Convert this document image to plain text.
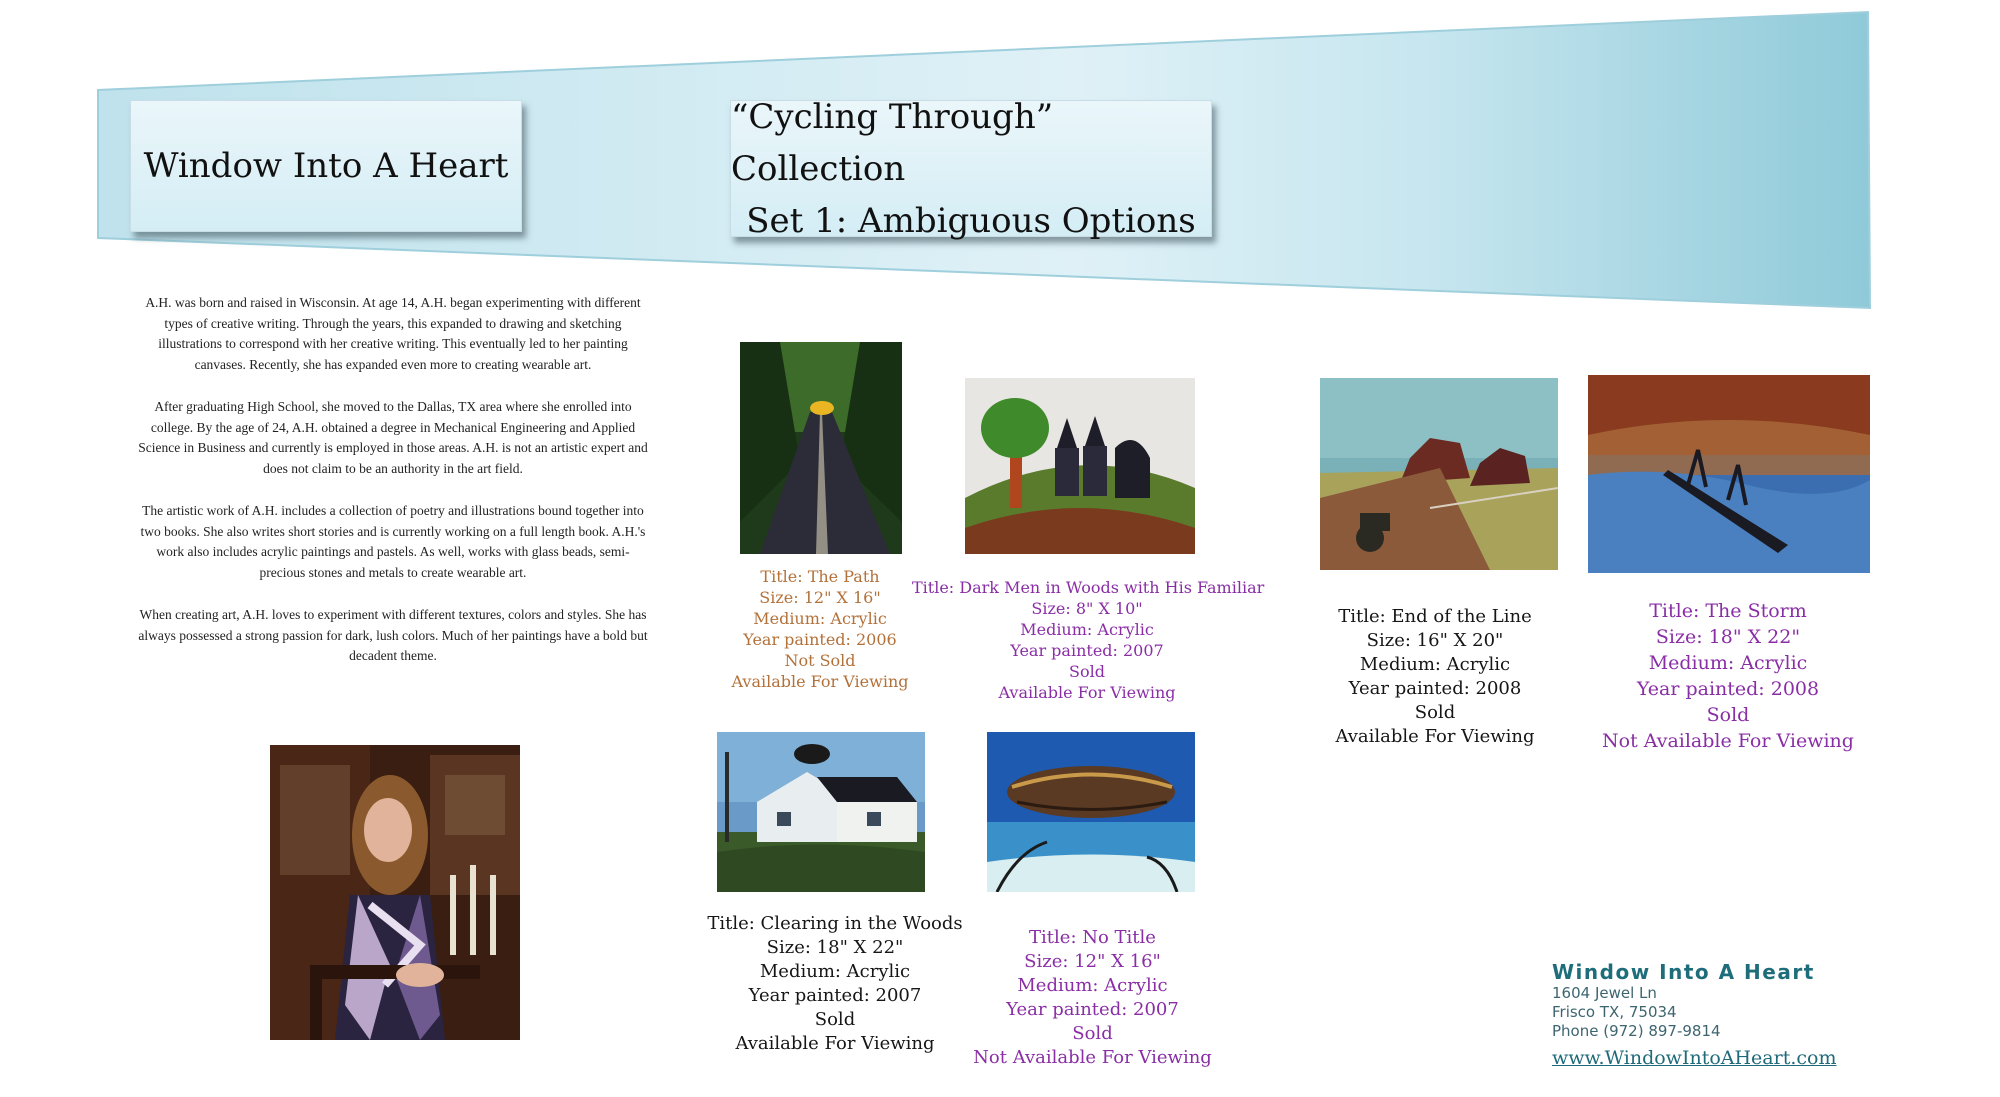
Window Into A Heart
“Cycling Through” Collection
Set 1: Ambiguous Options

A.H. was born and raised in Wisconsin. At age 14, A.H. began experimenting with different types of creative writing. Through the years, this expanded to drawing and sketching illustrations to correspond with her creative writing. This eventually led to her painting canvases. Recently, she has expanded even more to creating wearable art.

After graduating High School, she moved to the Dallas, TX area where she enrolled into college. By the age of 24, A.H. obtained a degree in Mechanical Engineering and Applied Science in Business and currently is employed in those areas. A.H. is not an artistic expert and does not claim to be an authority in the art field.

The artistic work of A.H. includes a collection of poetry and illustrations bound together into two books. She also writes short stories and is currently working on a full length book. A.H.'s work also includes acrylic paintings and pastels. As well, works with glass beads, semi-precious stones and metals to create wearable art.

When creating art, A.H. loves to experiment with different textures, colors and styles. She has always possessed a strong passion for dark, lush colors. Much of her paintings have a bold but decadent theme.

Title: The Path
Size: 12" X 16"
Medium: Acrylic
Year painted: 2006
Not Sold
Available For Viewing
Title: Dark Men in Woods with His Familiar
Size: 8" X 10"
Medium: Acrylic
Year painted: 2007
Sold
Available For Viewing
Title: End of the Line
Size: 16" X 20"
Medium: Acrylic
Year painted: 2008
Sold
Available For Viewing
Title: The Storm
Size: 18" X 22"
Medium: Acrylic
Year painted: 2008
Sold
Not Available For Viewing
Title: Clearing in the Woods
Size: 18" X 22"
Medium: Acrylic
Year painted: 2007
Sold
Available For Viewing
Title: No Title
Size: 12" X 16"
Medium: Acrylic
Year painted: 2007
Sold
Not Available For Viewing
Window Into A Heart
1604 Jewel Ln
Frisco TX, 75034
Phone (972) 897-9814
www.WindowIntoAHeart.com
